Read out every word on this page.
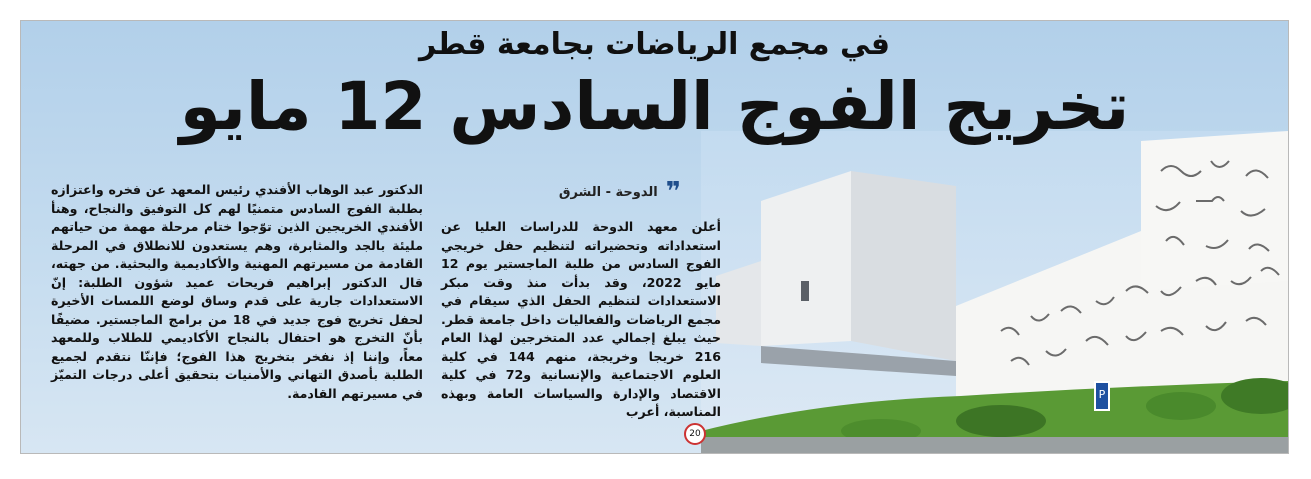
P
20
في مجمع الرياضات بجامعة قطر
تخريج الفوج السادس 12 مايو
❞
الدوحة - الشرق

أعلن معهد الدوحة للدراسات العليا عن استعداداته وتحضيراته لتنظيم حفل خريجي الفوج السادس من طلبة الماجستير يوم 12 مايو 2022، وقد بدأت منذ وقت مبكر الاستعدادات لتنظيم الحفل الذي سيقام في مجمع الرياضات والفعاليات داخل جامعة قطر. حيث يبلغ إجمالي عدد المتخرجين لهذا العام 216 خريجا وخريجة، منهم 144 في كلية العلوم الاجتماعية والإنسانية و72 في كلية الاقتصاد والإدارة والسياسات العامة وبهذه المناسبة، أعرب

الدكتور عبد الوهاب الأفندي رئيس المعهد عن فخره واعتزازه بطلبة الفوج السادس متمنيًا لهم كل التوفيق والنجاح، وهنأ الأفندي الخريجين الذين توّجوا ختام مرحلة مهمة من حياتهم مليئة بالجد والمثابرة، وهم يستعدون للانطلاق في المرحلة القادمة من مسيرتهم المهنية والأكاديمية والبحثية. من جهته، قال الدكتور إبراهيم فريحات عميد شؤون الطلبة: إنّ الاستعدادات جارية على قدم وساق لوضع اللمسات الأخيرة لحفل تخريج فوج جديد في 18 من برامج الماجستير. مضيفًا بأنّ التخرج هو احتفال بالنجاح الأكاديمي للطلاب وللمعهد معاً، وإننا إذ نفخر بتخريج هذا الفوج؛ فإننّا نتقدم لجميع الطلبة بأصدق التهاني والأمنيات بتحقيق أعلى درجات التميّز في مسيرتهم القادمة.
